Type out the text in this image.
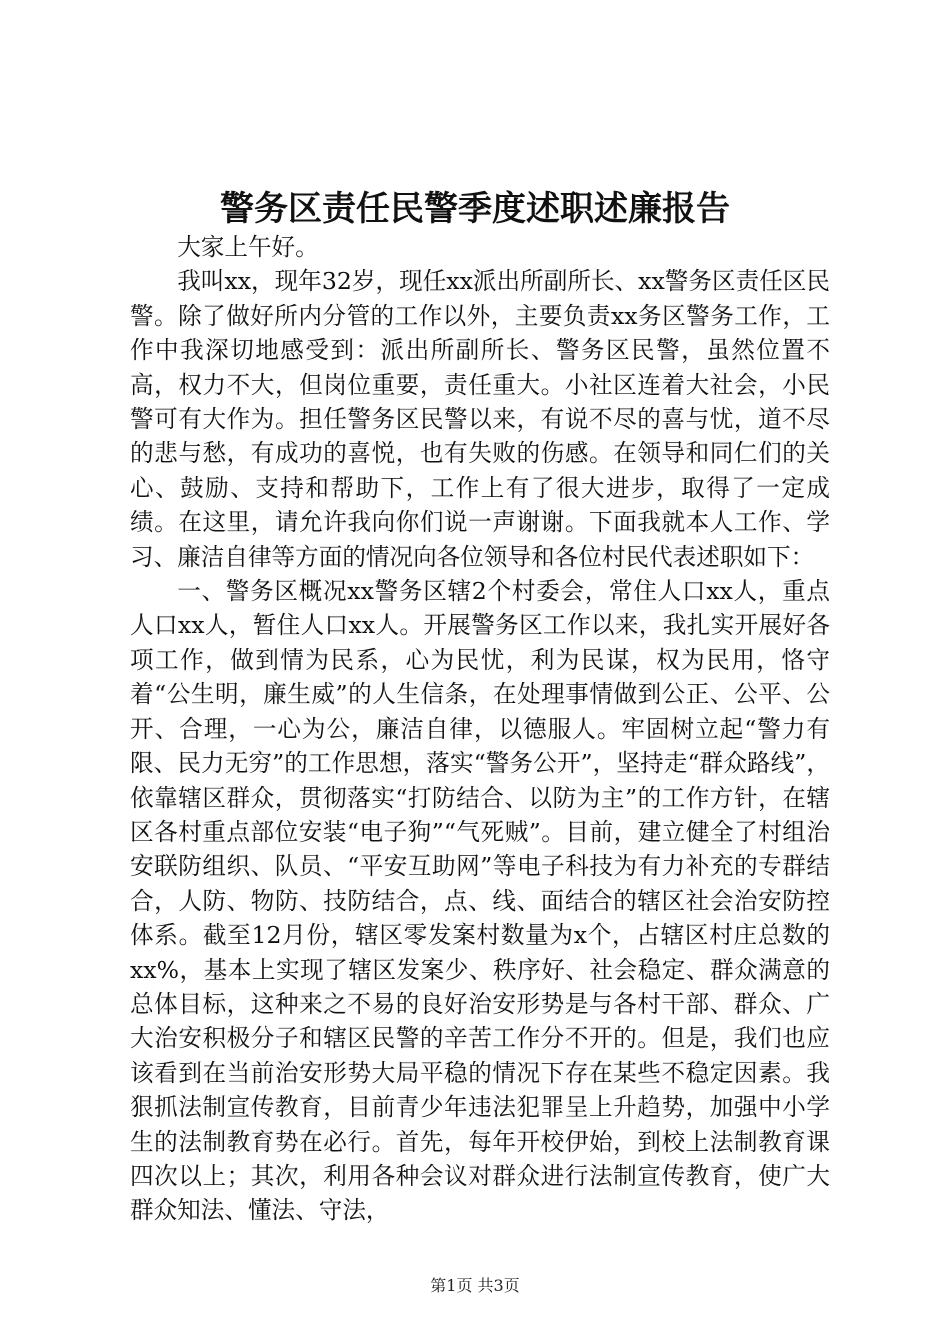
警务区责任民警季度述职述廉报告

大家上午好。

我叫xx，现年32岁，现任xx派出所副所长、xx警务区责任区民警。除了做好所内分管的工作以外，主要负责xx务区警务工作，工作中我深切地感受到：派出所副所长、警务区民警，虽然位置不高，权力不大，但岗位重要，责任重大。小社区连着大社会，小民警可有大作为。担任警务区民警以来，有说不尽的喜与忧，道不尽的悲与愁，有成功的喜悦，也有失败的伤感。在领导和同仁们的关心、鼓励、支持和帮助下，工作上有了很大进步，取得了一定成绩。在这里，请允许我向你们说一声谢谢。下面我就本人工作、学习、廉洁自律等方面的情况向各位领导和各位村民代表述职如下：

一、警务区概况xx警务区辖2个村委会，常住人口xx人，重点人口xx人，暂住人口xx人。开展警务区工作以来，我扎实开展好各项工作，做到情为民系，心为民忧，利为民谋，权为民用，恪守着“公生明，廉生威”的人生信条，在处理事情做到公正、公平、公开、合理，一心为公，廉洁自律，以德服人。牢固树立起“警力有限、民力无穷”的工作思想，落实“警务公开”，坚持走“群众路线”，依靠辖区群众，贯彻落实“打防结合、以防为主”的工作方针，在辖区各村重点部位安装“电子狗”“气死贼”。目前，建立健全了村组治安联防组织、队员、“平安互助网”等电子科技为有力补充的专群结合，人防、物防、技防结合，点、线、面结合的辖区社会治安防控体系。截至12月份，辖区零发案村数量为x个，占辖区村庄总数的xx%，基本上实现了辖区发案少、秩序好、社会稳定、群众满意的总体目标，这种来之不易的良好治安形势是与各村干部、群众、广大治安积极分子和辖区民警的辛苦工作分不开的。但是，我们也应该看到在当前治安形势大局平稳的情况下存在某些不稳定因素。我狠抓法制宣传教育，目前青少年违法犯罪呈上升趋势，加强中小学生的法制教育势在必行。首先，每年开校伊始，到校上法制教育课四次以上；其次，利用各种会议对群众进行法制宣传教育，使广大群众知法、懂法、守法，

第1页 共3页
